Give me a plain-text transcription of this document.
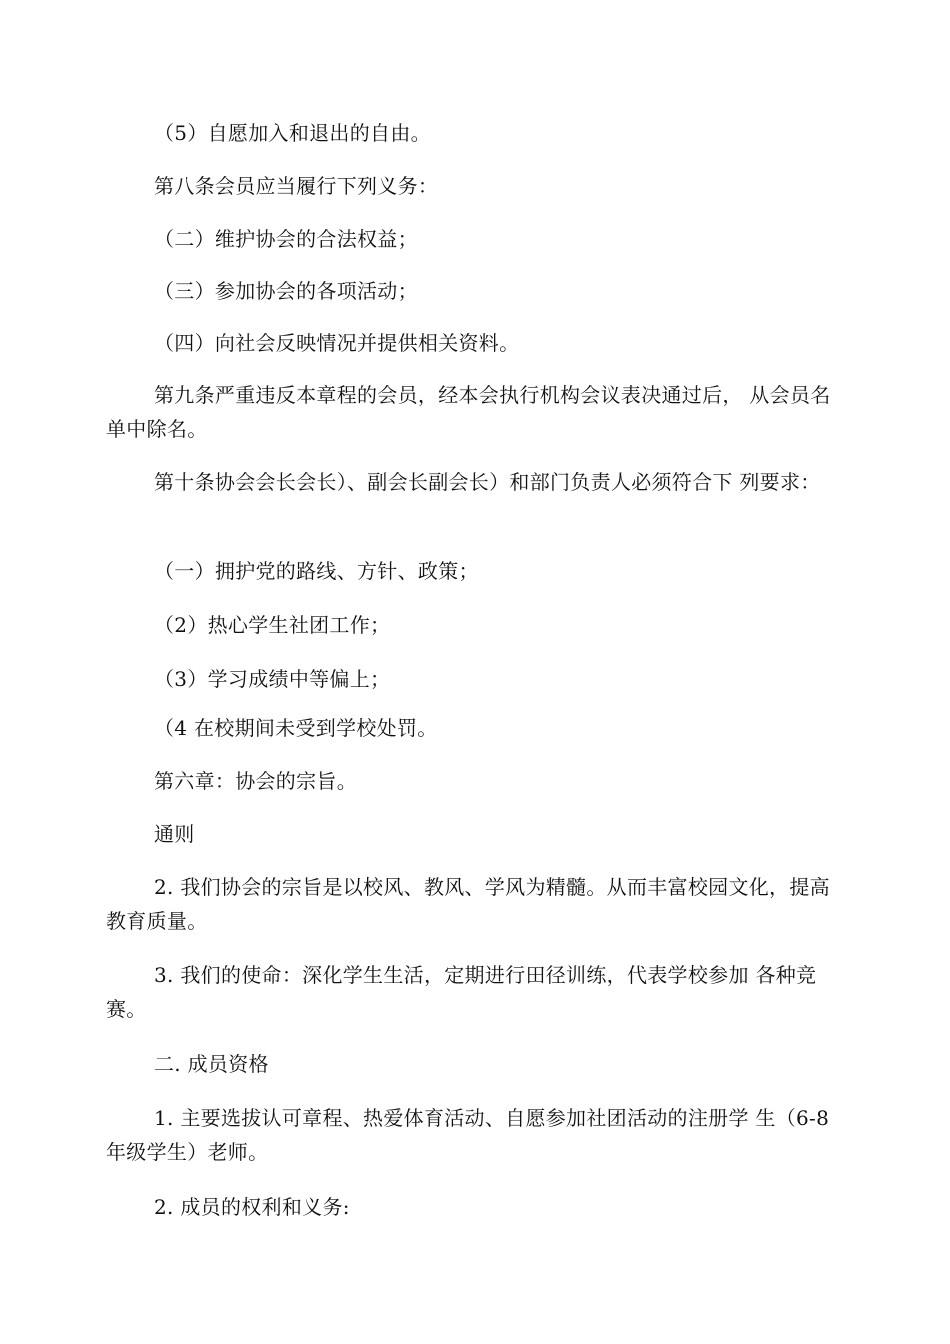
（5）自愿加入和退出的自由。
第八条会员应当履行下列义务：
（二）维护协会的合法权益；
（三）参加协会的各项活动；
（四）向社会反映情况并提供相关资料。
第九条严重违反本章程的会员，经本会执行机构会议表决通过后， 从会员名单中除名。
第十条协会会长会长）、副会长副会长）和部门负责人必须符合下 列要求：
（一）拥护党的路线、方针、政策；
（2）热心学生社团工作；
（3）学习成绩中等偏上；
（4 在校期间未受到学校处罚。
第六章：协会的宗旨。
通则
2. 我们协会的宗旨是以校风、教风、学风为精髓。从而丰富校园文化，提高教育质量。
3. 我们的使命：深化学生生活，定期进行田径训练，代表学校参加 各种竞赛。
二. 成员资格
1. 主要选拔认可章程、热爱体育活动、自愿参加社团活动的注册学 生（6-8 年级学生）老师。
2. 成员的权利和义务:
